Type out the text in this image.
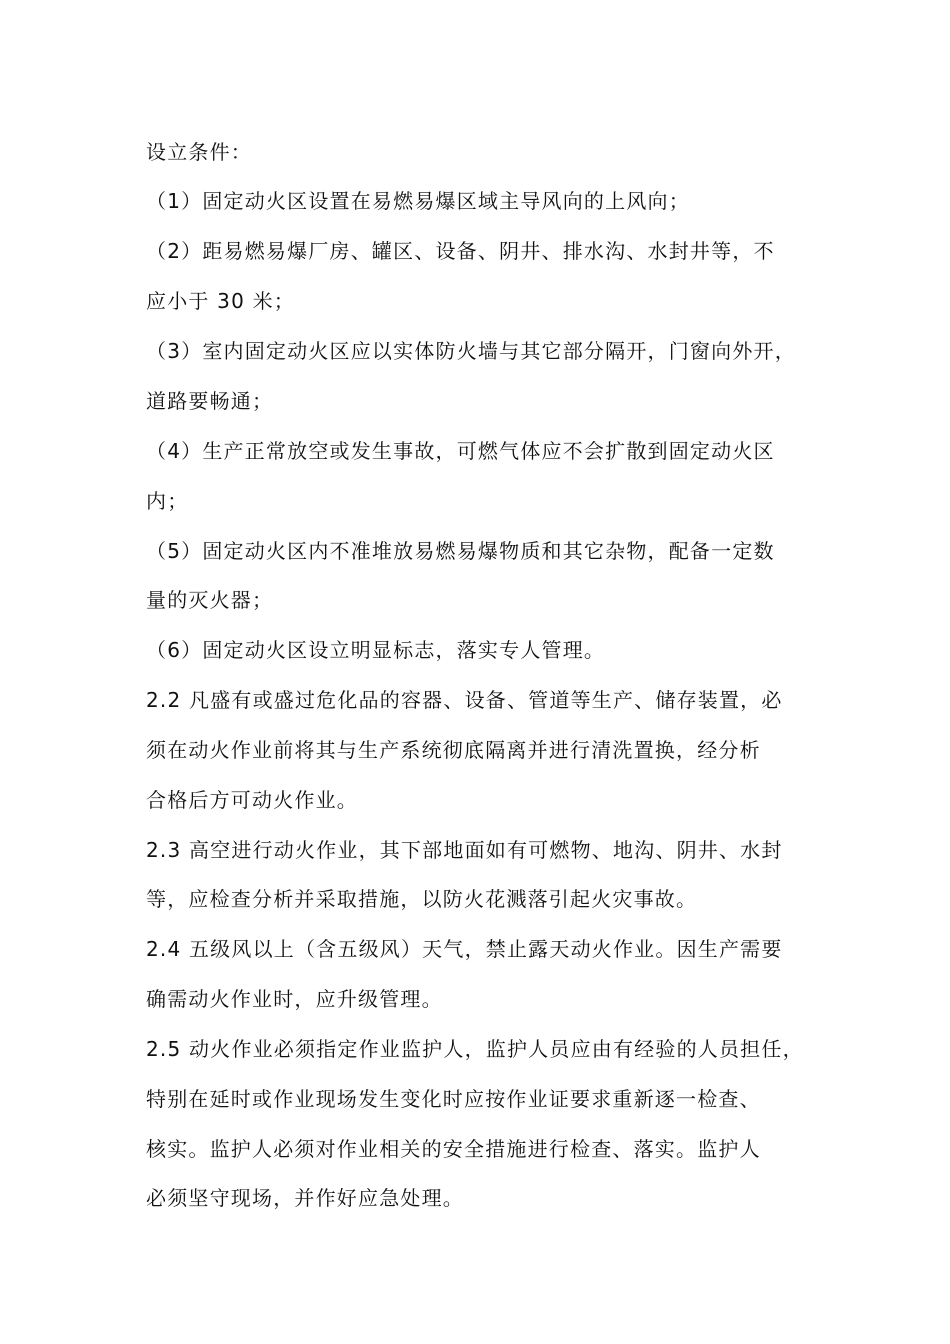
设立条件：
（1）固定动火区设置在易燃易爆区域主导风向的上风向；
（2）距易燃易爆厂房、罐区、设备、阴井、排水沟、水封井等，不
应小于 30 米；
（3）室内固定动火区应以实体防火墙与其它部分隔开，门窗向外开，
道路要畅通；
（4）生产正常放空或发生事故，可燃气体应不会扩散到固定动火区
内；
（5）固定动火区内不准堆放易燃易爆物质和其它杂物，配备一定数
量的灭火器；
（6）固定动火区设立明显标志，落实专人管理。
2.2 凡盛有或盛过危化品的容器、设备、管道等生产、储存装置，必
须在动火作业前将其与生产系统彻底隔离并进行清洗置换，经分析
合格后方可动火作业。
2.3 高空进行动火作业，其下部地面如有可燃物、地沟、阴井、水封
等，应检查分析并采取措施，以防火花溅落引起火灾事故。
2.4 五级风以上（含五级风）天气，禁止露天动火作业。因生产需要
确需动火作业时，应升级管理。
2.5 动火作业必须指定作业监护人，监护人员应由有经验的人员担任，
特别在延时或作业现场发生变化时应按作业证要求重新逐一检查、
核实。监护人必须对作业相关的安全措施进行检查、落实。监护人
必须坚守现场，并作好应急处理。
